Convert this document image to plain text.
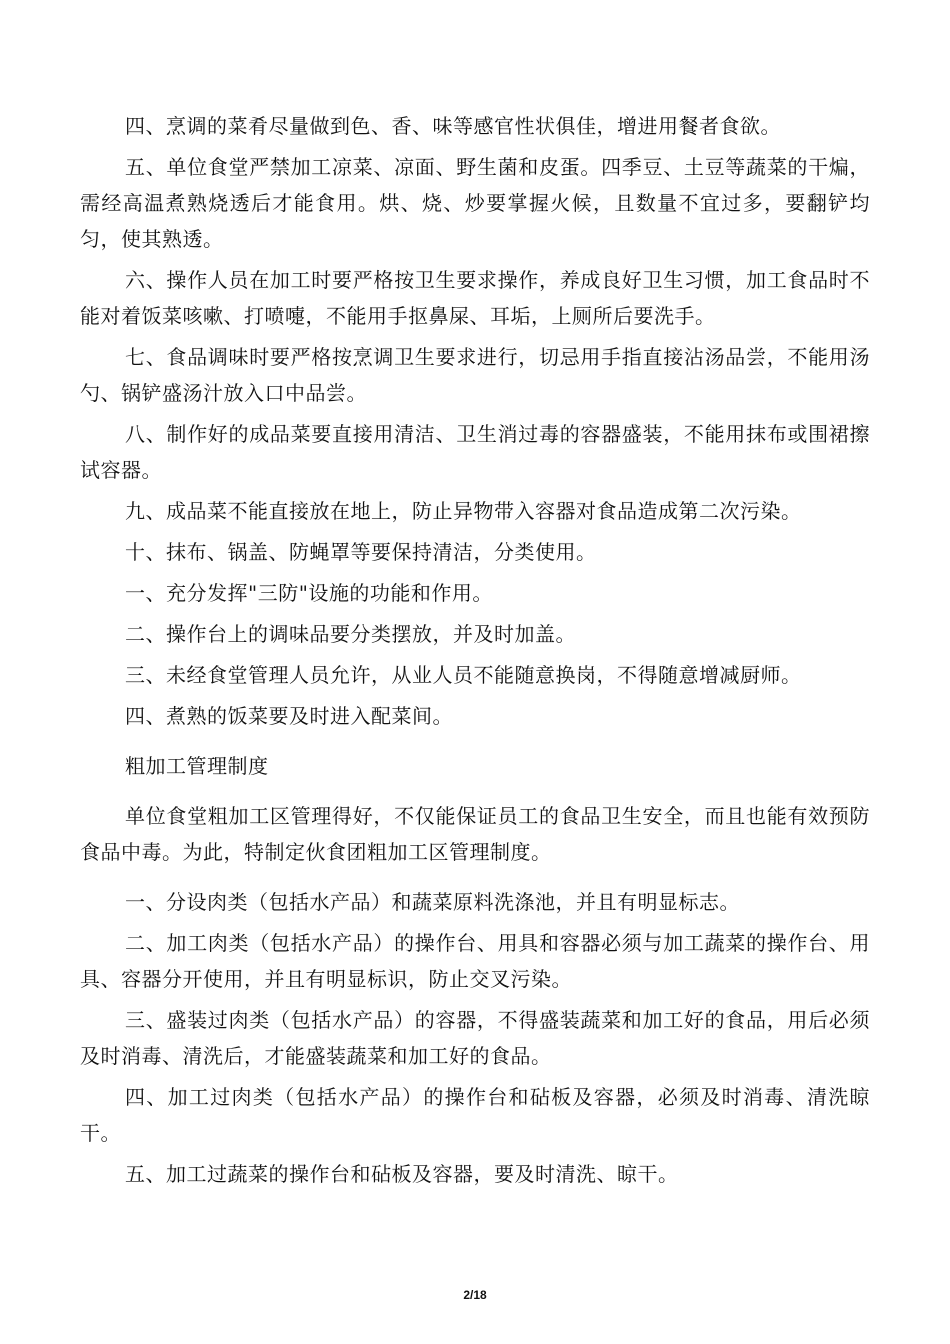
四、烹调的菜肴尽量做到色、香、味等感官性状俱佳，增进用餐者食欲。

五、单位食堂严禁加工凉菜、凉面、野生菌和皮蛋。四季豆、土豆等蔬菜的干煸，需经高温煮熟烧透后才能食用。烘、烧、炒要掌握火候，且数量不宜过多，要翻铲均匀，使其熟透。

六、操作人员在加工时要严格按卫生要求操作，养成良好卫生习惯，加工食品时不能对着饭菜咳嗽、打喷嚏，不能用手抠鼻屎、耳垢，上厕所后要洗手。

七、食品调味时要严格按烹调卫生要求进行，切忌用手指直接沾汤品尝，不能用汤勺、锅铲盛汤汁放入口中品尝。

八、制作好的成品菜要直接用清洁、卫生消过毒的容器盛装，不能用抹布或围裙擦试容器。

九、成品菜不能直接放在地上，防止异物带入容器对食品造成第二次污染。

十、抹布、锅盖、防蝇罩等要保持清洁，分类使用。

一、充分发挥"三防"设施的功能和作用。

二、操作台上的调味品要分类摆放，并及时加盖。

三、未经食堂管理人员允许，从业人员不能随意换岗，不得随意增减厨师。

四、煮熟的饭菜要及时进入配菜间。

粗加工管理制度

单位食堂粗加工区管理得好，不仅能保证员工的食品卫生安全，而且也能有效预防食品中毒。为此，特制定伙食团粗加工区管理制度。

一、分设肉类（包括水产品）和蔬菜原料洗涤池，并且有明显标志。

二、加工肉类（包括水产品）的操作台、用具和容器必须与加工蔬菜的操作台、用具、容器分开使用，并且有明显标识，防止交叉污染。

三、盛装过肉类（包括水产品）的容器，不得盛装蔬菜和加工好的食品，用后必须及时消毒、清洗后，才能盛装蔬菜和加工好的食品。

四、加工过肉类（包括水产品）的操作台和砧板及容器，必须及时消毒、清洗晾干。

五、加工过蔬菜的操作台和砧板及容器，要及时清洗、晾干。

2/18
